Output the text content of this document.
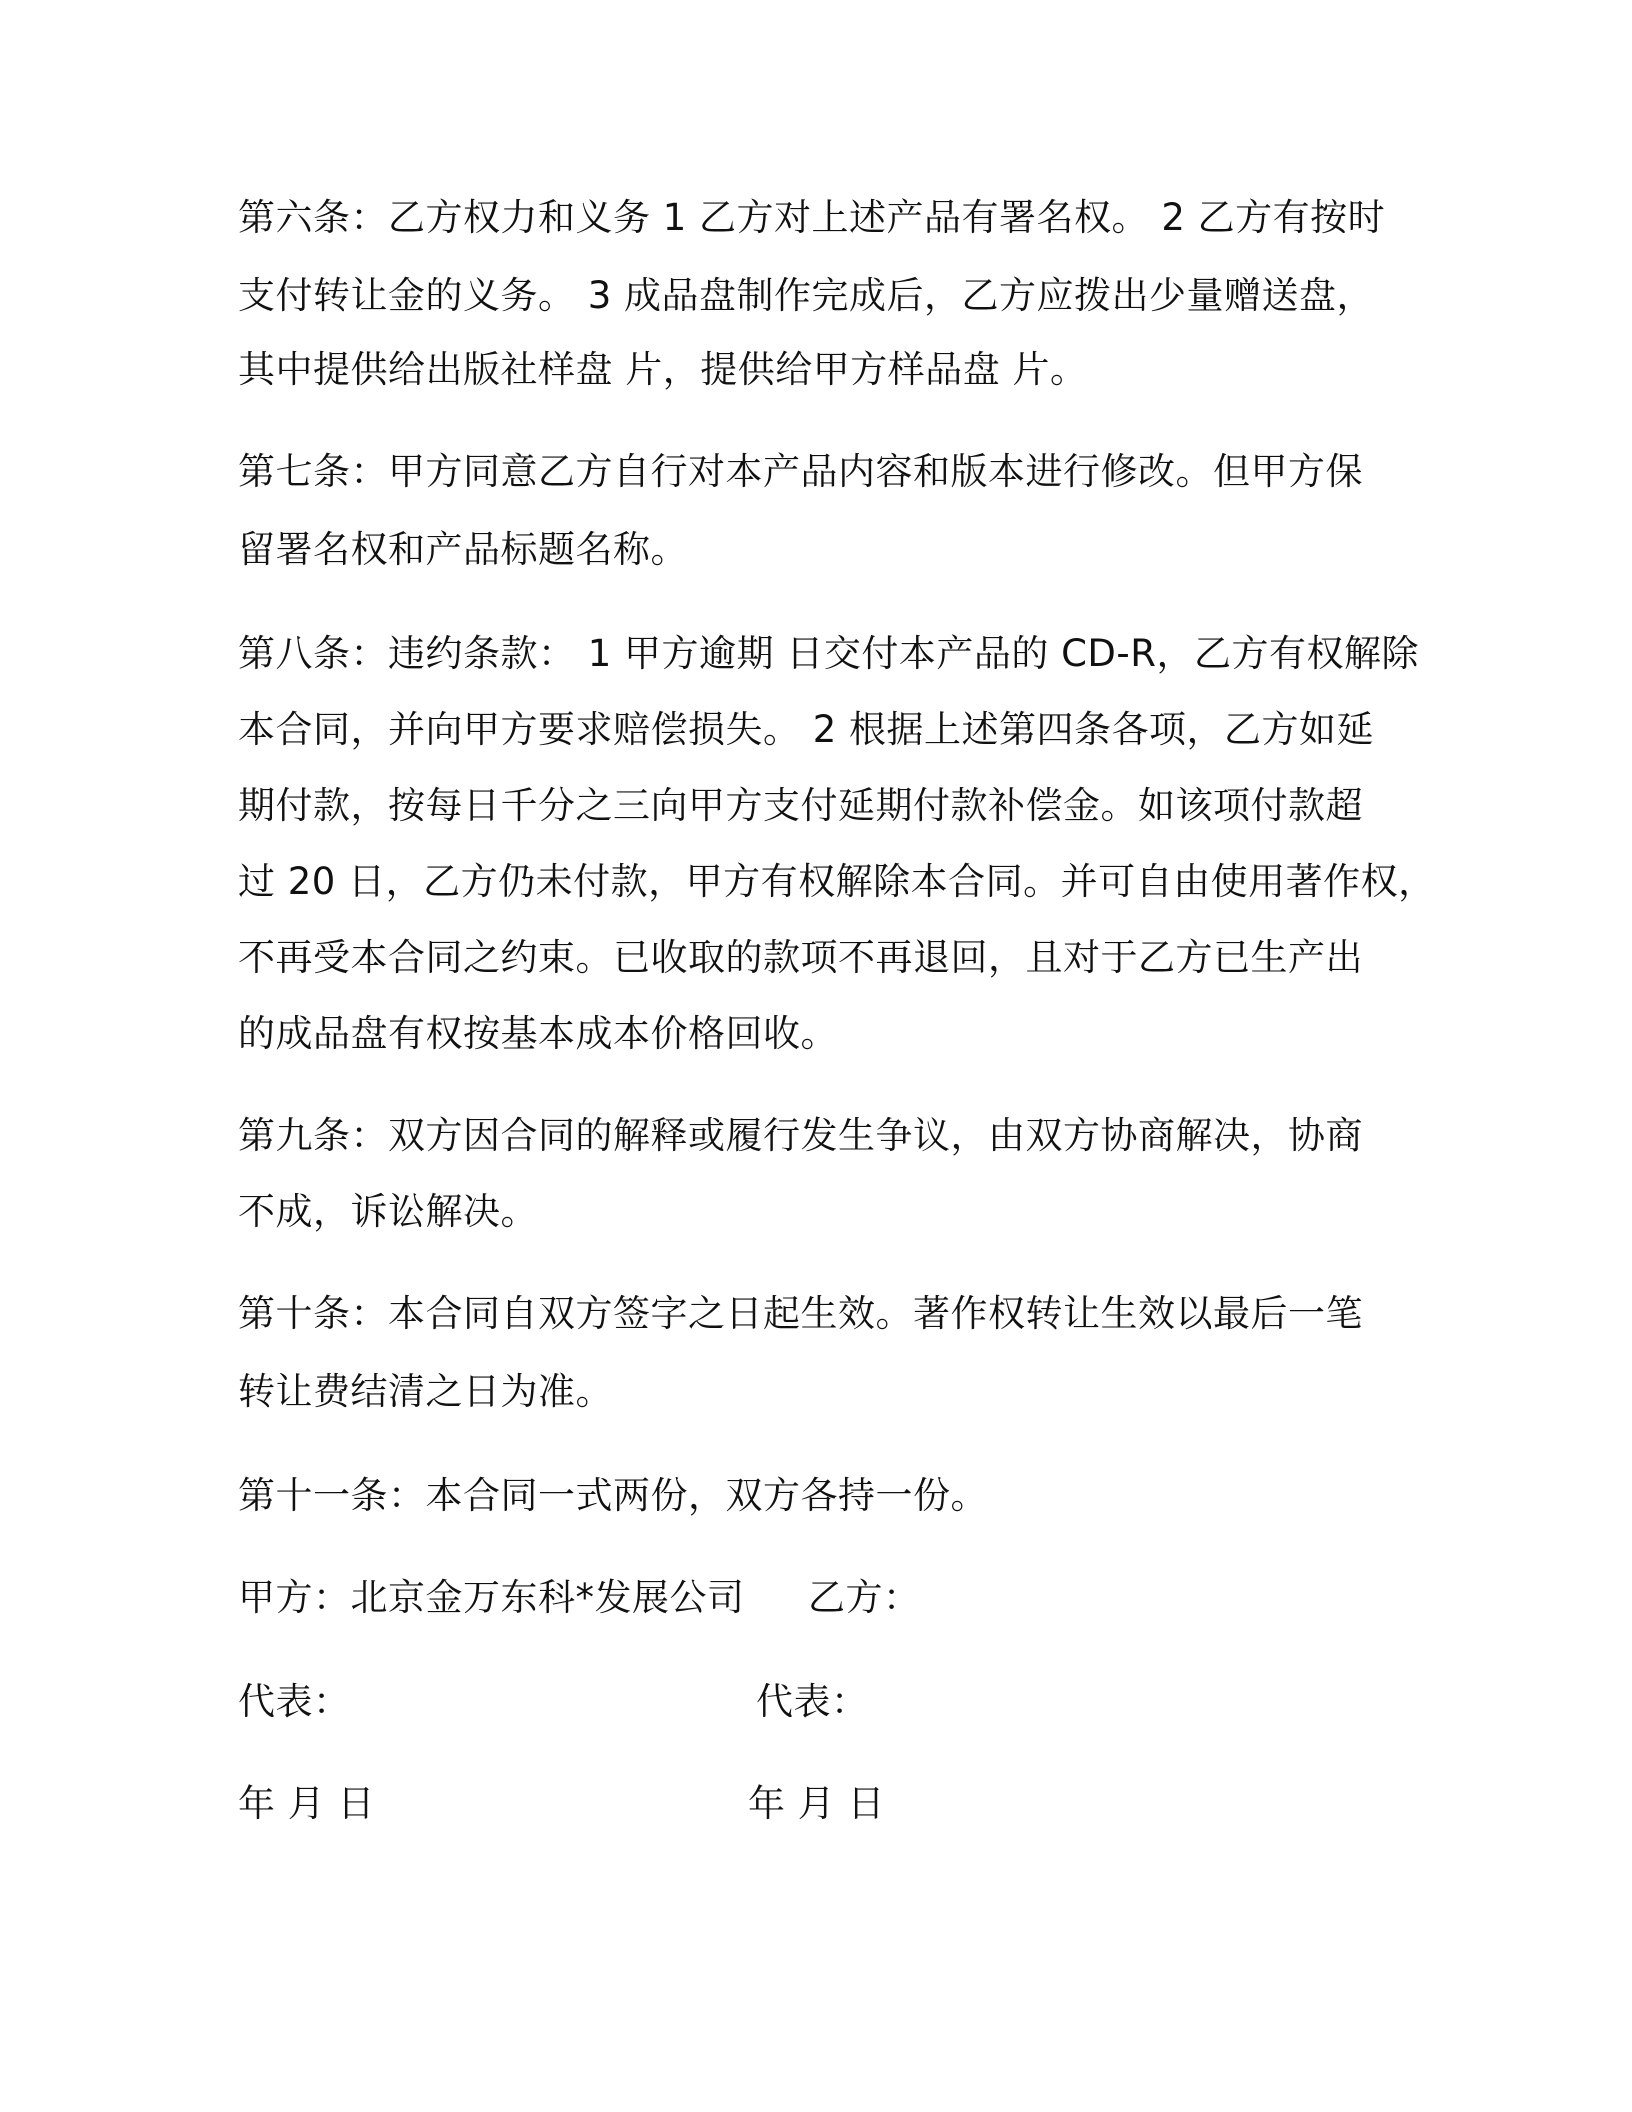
第六条：乙方权力和义务 1 乙方对上述产品有署名权。 2 乙方有按时
支付转让金的义务。 3 成品盘制作完成后，乙方应拨出少量赠送盘，
其中提供给出版社样盘 片，提供给甲方样品盘 片。
第七条：甲方同意乙方自行对本产品内容和版本进行修改。但甲方保
留署名权和产品标题名称。
第八条：违约条款： 1 甲方逾期 日交付本产品的 CD-R，乙方有权解除
本合同，并向甲方要求赔偿损失。 2 根据上述第四条各项，乙方如延
期付款，按每日千分之三向甲方支付延期付款补偿金。如该项付款超
过 20 日，乙方仍未付款，甲方有权解除本合同。并可自由使用著作权，
不再受本合同之约束。已收取的款项不再退回，且对于乙方已生产出
的成品盘有权按基本成本价格回收。
第九条：双方因合同的解释或履行发生争议，由双方协商解决，协商
不成，诉讼解决。
第十条：本合同自双方签字之日起生效。著作权转让生效以最后一笔
转让费结清之日为准。
第十一条：本合同一式两份，双方各持一份。
甲方：北京金万东科*发展公司 乙方：
代表：	代表：
年 月 日	年 月 日
